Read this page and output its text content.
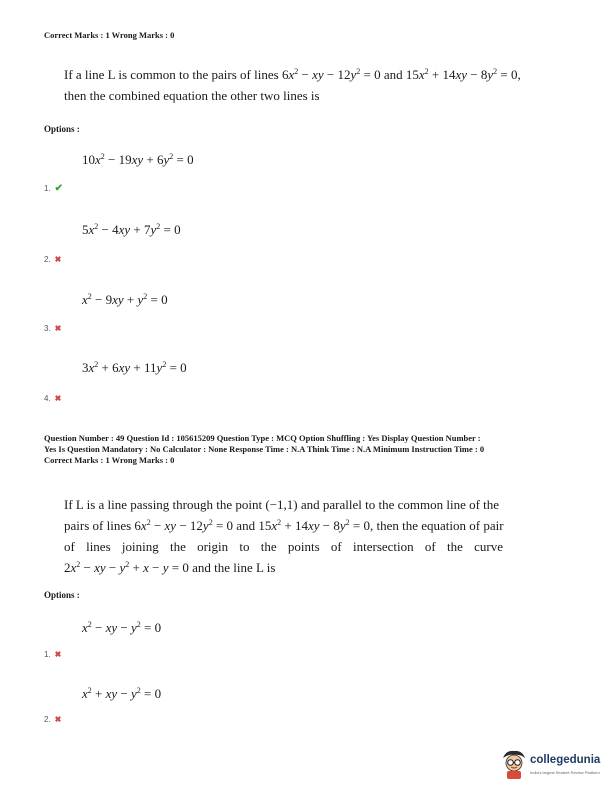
Correct Marks : 1 Wrong Marks : 0
If a line L is common to the pairs of lines $6x^2$ − xy − $12y^2 = 0$ and $15x^2 + 14xy - 8y^2 = 0$,
then the combined equation the other two lines is
Options :
$10x^2 - 19xy + 6y^2 = 0$
1. ✔
$5x^2 - 4xy + 7y^2 = 0$
2. ✖
$x^2 - 9xy + y^2 = 0$
3. ✖
$3x^2 + 6xy + 11y^2 = 0$
4. ✖
Question Number : 49 Question Id : 105615209 Question Type : MCQ Option Shuffling : Yes Display Question Number :
Yes Is Question Mandatory : No Calculator : None Response Time : N.A Think Time : N.A Minimum Instruction Time : 0
Correct Marks : 1 Wrong Marks : 0
If L is a line passing through the point (−1,1) and parallel to the common line of the
pairs of lines $6x^2$ − xy − $12y^2 = 0$ and $15x^2 + 14xy - 8y^2 = 0$, then the equation of pair
of lines joining the origin to the points of intersection of the curve
$2x^2$ − xy − $y^2 + x - y = 0$ and the line L is
Options :
$x^2$ − xy − $y^2 = 0$
1. ✖
$x^2$ + xy − $y^2 = 0$
2. ✖
collegedunia
India's largest Student Review Platform
